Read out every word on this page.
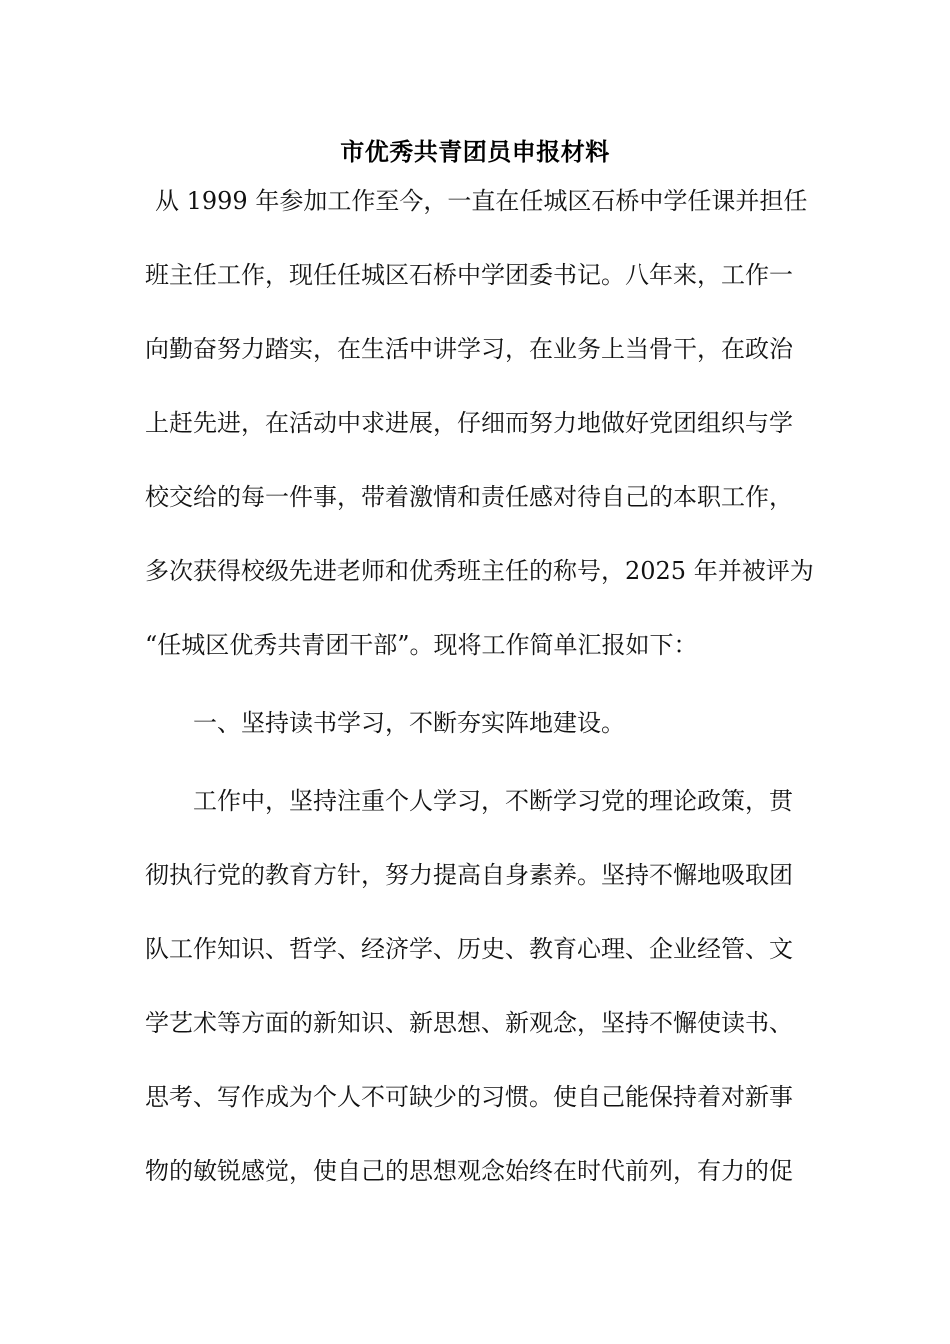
市优秀共青团员申报材料
从 1999 年参加工作至今，一直在任城区石桥中学任课并担任
班主任工作，现任任城区石桥中学团委书记。八年来，工作一
向勤奋努力踏实，在生活中讲学习，在业务上当骨干，在政治
上赶先进，在活动中求进展，仔细而努力地做好党团组织与学
校交给的每一件事，带着激情和责任感对待自己的本职工作，
多次获得校级先进老师和优秀班主任的称号，2025 年并被评为
“任城区优秀共青团干部”。现将工作简单汇报如下：
一、坚持读书学习，不断夯实阵地建设。
工作中，坚持注重个人学习，不断学习党的理论政策，贯
彻执行党的教育方针，努力提高自身素养。坚持不懈地吸取团
队工作知识、哲学、经济学、历史、教育心理、企业经管、文
学艺术等方面的新知识、新思想、新观念，坚持不懈使读书、
思考、写作成为个人不可缺少的习惯。使自己能保持着对新事
物的敏锐感觉，使自己的思想观念始终在时代前列，有力的促
